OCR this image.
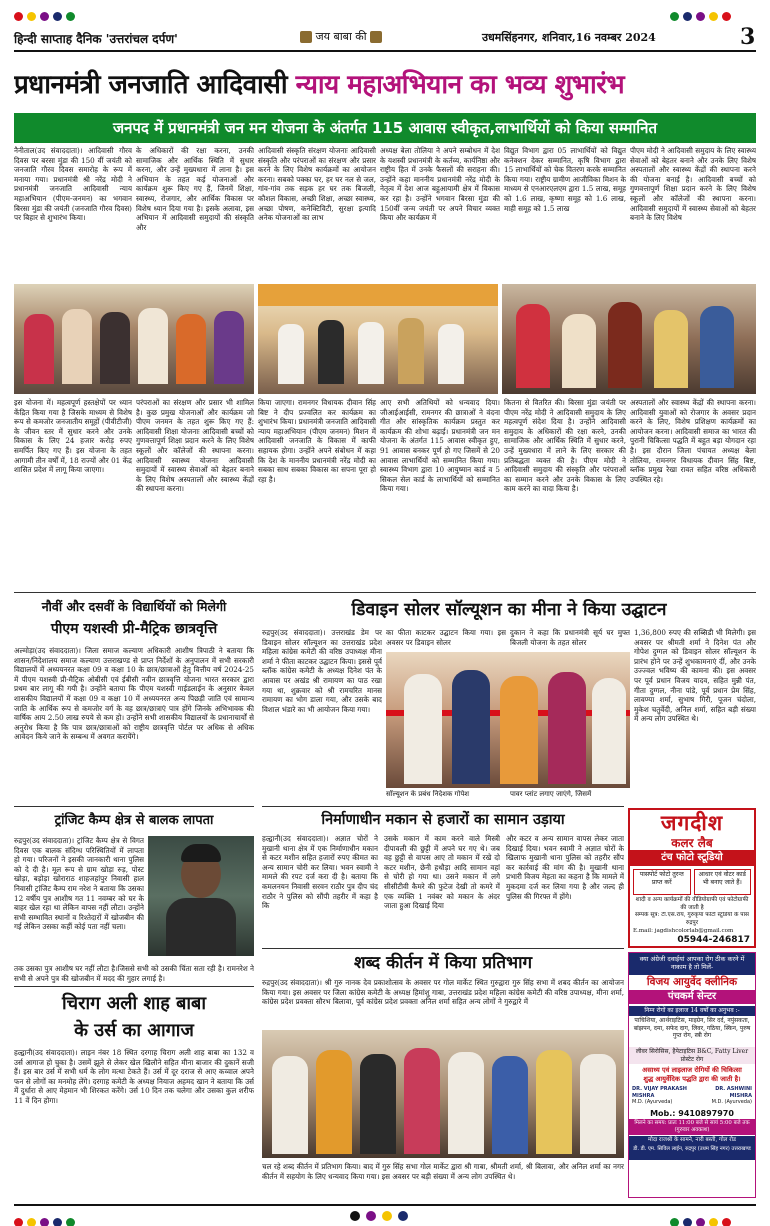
हिन्दी साप्ताह दैनिक 'उत्तरांचल दर्पण'	जय बाबा की	उधमसिंहनगर, शनिवार,16 नवम्बर 2024	3
प्रधानमंत्री जनजाति आदिवासी न्याय महाअभियान का भव्य शुभारंभ
जनपद में प्रधानमंत्री जन मन योजना के अंतर्गत 115 आवास स्वीकृत,लाभार्थियों को किया सम्मानित
नैनीताल(उद संवाददाता)। आदिवासी गौरव दिवस पर बरसा मुंडा की 150 वीं जयंती को जनजाति गौरव दिवस समारोह के रूप में मनाया गया। प्रधानमंत्री श्री नरेंद्र मोदी ने प्रधानमंत्री जनजाति आदिवासी न्याय महाअभियान (पीएम-जनमन) का भगवान बिरसा मुंडा की जयंती (जनजाति गौरव दिवस) पर बिहार से शुभारंभ किया।
के अधिकारों की रक्षा करना, उनकी सामाजिक और आर्थिक स्थिति में सुधार करना, और उन्हें मुख्यधारा में लाना है। इस अभियान के तहत कई योजनाओं और कार्यक्रम शुरू किए गए हैं, जिनमें शिक्षा, स्वास्थ्य, रोजगार, और आर्थिक विकास पर विशेष ध्यान दिया गया है। इसके अलावा, इस अभियान में आदिवासी समुदायों की संस्कृति और
आदिवासी संस्कृति संरक्षण योजनाः आदिवासी संस्कृति और परंपराओं का संरक्षण और प्रसार करने के लिए विशेष कार्यक्रमों का आयोजन करना। सबको पक्का घर, हर घर नल से जल, गांव-गांव तक सड़क हर घर तक बिजली, कौशल विकास, अच्छी शिक्षा, अच्छा स्वास्थ्य, अच्छा पोषण, कनेक्टिविटी, सुरक्षा इत्यादि अनेक योजनाओं का लाभ
अध्यक्ष बेला तोलिया ने अपने सम्बोधन में देश के यशस्वी प्रधानमंत्री के कर्तव्य, कार्यनिष्ठा और राष्ट्रीय हित में उनके फैसलों की सराहना की। उन्होंने कहा माननीय प्रधानमंत्री नरेंद्र मोदी के नेतृत्व में देश आज बहुआयामी क्षेत्र में विकास कर रहा है। उन्होंने भगवान बिरसा मुंडा की 150वीं जन्म जयंती पर अपने विचार व्यक्त किया और कार्यक्रम में
विद्युत विभाग द्वारा 05 लाभार्थियों को विद्युत कनेक्शन देकर सम्मानित, कृषि विभाग द्वारा 15 लाभार्थियों को चेक वितरण करके सम्मानित किया गया। राष्ट्रीय ग्रामीण आजीविका मिशन के माध्यम से एनआरएलएम द्वारा 1.5 लाख, समूह को 1.6 लाख, कृष्णा समूह को 1.6 लाख, माही समूह को 1.5 लाख
पीएम मोदी ने आदिवासी समुदाय के लिए स्वास्थ्य सेवाओं को बेहतर बनाने और उनके लिए विशेष अस्पतालों और स्वास्थ्य केंद्रों की स्थापना करने की योजना बनाई है। आदिवासी बच्चों को गुणवत्तापूर्ण शिक्षा प्रदान करने के लिए विशेष स्कूलों और कॉलेजों की स्थापना करना। आदिवासी समुदायों में स्वास्थ्य सेवाओं को बेहतर बनाने के लिए विशेष
इस योजना में। महत्वपूर्ण हस्तक्षेपों पर ध्यान केंद्रित किया गया है जिसके माध्यम से विशेष रूप से कमजोर जनजातीय समूहों (पीवीटीजी) के जीवन स्तर में सुधार करने और उनके विकास के लिए 24 हजार करोड़ रुपए समर्पित किए गए हैं। इस योजना के तहत आगामी तीन वर्षों में, 18 राज्यों और 01 केंद्र शासित प्रदेश में लागू किया जाएगा।
परंपराओं का संरक्षण और प्रसार भी शामिल है। कुछ प्रमुख योजनाओं और कार्यक्रम जो पीएम जनमन के तहत शुरू किए गए हैं: आदिवासी शिक्षा योजनाः आदिवासी बच्चों को गुणवत्तापूर्ण शिक्षा प्रदान करने के लिए विशेष स्कूलों और कॉलेजों की स्थापना करना। आदिवासी स्वास्थ्य योजनाः आदिवासी समुदायों में स्वास्थ्य सेवाओं को बेहतर बनाने के लिए विशेष अस्पतालों और स्वास्थ्य केंद्रों की स्थापना करना।
किया जाएगा। रामनगर विधायक दीवान सिंह बिष्ट ने दीप प्रज्वलित कर कार्यक्रम का शुभारंभ किया। प्रधानमंत्री जनजाति आदिवासी न्याय महाअभियान (पीएम जनमन) मिशन में आदिवासी जनजाति के विकास में काफी सहायक होगा। उन्होंने अपने संबोधन में कहा कि देश के माननीय प्रधानमंत्री नरेंद्र मोदी का सबका साथ सबका विकास का सपना पूरा हो रहा है।
आए सभी अतिथियों को धन्यवाद दिया। जीआईआईसी, रामनगर की छात्राओं ने वंदना गीत और सांस्कृतिक कार्यक्रम प्रस्तुत कर कार्यक्रम की शोभा बढ़ाई। प्रधानमंत्री जन मन योजना के अंतर्गत 115 आवास स्वीकृत हुए, 91 आवास बनकर पूर्ण हो गए जिसमें से 20 आवास लाभार्थियों को सम्मानित किया गया। स्वास्थ्य विभाग द्वारा 10 आयुष्मान कार्ड व 5 सिकल सेल कार्ड के लाभार्थियों को सम्मानित किया गया।
कितना से वितरित की। बिरसा मुंडा जयंती पर पीएम नरेंद्र मोदी ने आदिवासी समुदाय के लिए महत्वपूर्ण संदेश दिया है। उन्होंने आदिवासी समुदाय के अधिकारों की रक्षा करने, उनकी सामाजिक और आर्थिक स्थिति में सुधार करने, उन्हें मुख्यधारा में लाने के लिए सरकार की प्रतिबद्धता व्यक्त की है। पीएम मोदी ने आदिवासी समुदाय की संस्कृति और परंपराओं का सम्मान करने और उनके विकास के लिए काम करने का वादा किया है।
अस्पतालों और स्वास्थ्य केंद्रों की स्थापना करना। आदिवासी युवाओं को रोजगार के अवसर प्रदान करने के लिए, विशेष प्रशिक्षण कार्यक्रमों का आयोजन करना। आदिवासी समाज का भारत की पुरानी चिकित्सा पद्धति में बहुत बड़ा योगदान रहा है। इस दौरान जिला पंचायत अध्यक्ष बेला तोलिया, रामनगर विधायक दीवान सिंह बिष्ट, ब्लॉक प्रमुख रेखा रावत सहित वरिष्ठ अधिकारी उपस्थित रहे।
नौवीं और दसवीं के विद्यार्थियों को मिलेगी
पीएम यशस्वी प्री-मैट्रिक छात्रवृत्ति
अल्मोड़ा(उद संवाददाता)। जिला समाज कल्याण अधिकारी आशीष त्रिपाठी ने बताया कि शासन/निदेशालय समाज कल्याण उत्तराखण्ड से प्राप्त निर्देशों के अनुपालन में सभी सरकारी विद्यालयों में अध्ययनरत कक्षा 09 व कक्षा 10 के छात्र/छात्राओं हेतु वित्तीय वर्ष 2024-25 में पीएम यशस्वी प्री-मैट्रिक ओबीसी एवं ईबीसी नवीन छात्रवृत्ति योजना भारत सरकार द्वारा प्रथम बार लागू की गयी है। उन्होंने बताया कि पीएम यशस्वी गाईडलाईन के अनुसार केवल शासकीय विद्यालयों में कक्षा 09 व कक्षा 10 में अध्ययनरत अन्य पिछड़ी जाति एवं सामान्य जाति के आर्थिक रूप से कमजोर वर्ग के वह छात्र/छात्राएं पात्र होंगे जिनके अभिभावक की वार्षिक आय 2.50 लाख रुपये से कम हो। उन्होंने सभी शासकीय विद्यालयों के प्रधानाचार्यों से अनुरोध किया है कि पात्र छात्र/छात्राओं को राष्ट्रीय छात्रवृत्ति पोर्टल पर अधिक से अधिक आवेदन किये जाने के सम्बन्ध में अवगत करायेंगे।
ट्रांजिट कैम्प क्षेत्र से बालक लापता
रुद्रपुर(उद संवाददाता)। ट्रांजिट कैम्प क्षेत्र से विगत दिवस एक बालक संदिग्ध परिस्थितियों में लापता हो गया। परिजनों ने इसकी जानकारी थाना पुलिस को दे दी है। मूल रूप से ग्राम खोड़ा रुड़, पोस्ट खोड़ा, बड़ोड़ा खोराराठ शाहजहांपुर निवासी हाल निवासी ट्रांजिट कैम्प राम नरेश ने बताया कि उसका 12 वर्षीय पुत्र आशीष गत 11 नवम्बर को घर के बाहर खेल रहा था लेकिन वापस नहीं लौटा। उन्होंने सभी सम्भावित स्थानों व रिश्तेदारों में खोजबीन की गई लेकिन उसका कहीं कोई पता नहीं चला।
तक उसका पुत्र आशीष घर नहीं लौटा है।जिससे सभी को उसकी चिंता सता रही है। रामनरेश ने सभी से अपने पुत्र की खोजबीन में मदद की गुहार लगाई है।
चिराग अली शाह बाबा
के उर्स का आगाज
हल्द्वानी(उद संवाददाता)। लाइन नंबर 18 स्थित दरगाह चिराग अली शाह बाबा का 132 व उर्स आगाज हो चुका है। उसमें झूले से लेकर खेल खिलौने सहित मीना बाजार की दुकानें सजी हैं। इस बार उर्स में सभी धर्म के लोग मत्था टेकते हैं। उर्स में दूर दराज से आए कव्वाल अपने फन से लोगों का मनमोह लेंगे। दरगाह कमेटी के अध्यक्ष नियाज अहमद खान ने बताया कि उर्स में दुर्धारा से आए मेहमान भी शिरकत करेंगे। उर्स 10 दिन तक चलेगा और उसका कुल शरीफ 11 वें दिन होगा।
डिवाइन सोलर सॉल्यूशन का मीना ने किया उद्घाटन
रुद्रपुर(उद संवाददाता)। उत्तराखंड डेम पर डिवाइन सोलर सॉल्यूशन का उत्तराखंड प्रदेश महिला कांग्रेस कमेटी की वरिष्ठ उपाध्यक्ष मीना शर्मा ने फीता काटकर उद्घाटन किया। इससे पूर्व ब्लॉक कांग्रेस कमेटी के अध्यक्ष दिनेश पंत के आवास पर अखंड श्री रामायण का पाठ रखा गया था, शुक्रवार को श्री रामचरित मानस रामायण का भोग डाला गया, और उसके बाद विशाल भंडारे का भी आयोजन किया गया।
का फीता काटकर उद्घाटन किया गया। इस अवसर पर डिवाइन सोलर
दुकान ने कहा कि प्रधानमंत्री सूर्य घर मुफ्त बिजली योजना के तहत सोलर
सॉल्यूशन के प्रबंध निदेशक गोपेश	पावर प्लांट लगाए जाएंगे, जिसमें
1,36,800 रुपए की सब्सिडी भी मिलेगी। इस अवसर पर श्रीमती शर्मा ने दिनेश पंत और गोपेश दुग्गल को डिवाइन सोलर सॉल्यूशन के प्रारंभ होने पर उन्हें शुभकामनाएं दीं, और उनके उज्ज्वल भविष्य की कामना की। इस अवसर पर पूर्व प्रधान विजय यादव, सहित मुन्नी पंत, गीता दुग्गल, नीना पांडे, पूर्व प्रधान प्रेम सिंह, लावण्या शर्मा, सुभाष गिरी, पूजन चंदोला, मुकेश चतुर्वेदी, अनिल शर्मा, सहित बड़ी संख्या में अन्य लोग उपस्थित थे।
निर्माणाधीन मकान से हजारों का सामान उड़ाया
हल्द्वानी(उद संवाददाता)। अज्ञात चोरों ने मुखानी थाना क्षेत्र में एक निर्माणाधीन मकान से कटर मशीन सहित हजारों रुपए कीमत का अन्य सामान चोरी कर लिया। भवन स्वामी ने मामले की रपट दर्ज करा दी है। बताया कि कमलनयन निवासी सरवन राठौर पुत्र दीप चंद राठौर ने पुलिस को सौंपी तहरीर में कहा है कि
उसके मकान में काम करने वाले मिस्त्री दीपावली की छुट्टी में अपने घर गए थे। जब वह छुट्टी से वापस आए तो मकान में रखे दो कटर मशीन, छेनी हथौड़ा आदि सामान वहां से चोरी हो गया था। उसने मकान में लगे सीसीटीवी कैमरे की फुटेज देखी तो कमरे में एक व्यक्ति 1 नवंबर को मकान के अंदर जाता हुआ दिखाई दिया
और कटर व अन्य सामान वापस लेकर जाता दिखाई दिया। भवन स्वामी ने अज्ञात चोरों के खिलाफ मुखानी थाना पुलिस को तहरीर सौंप कर कार्रवाई की मांग की है। मुखानी थाना प्रभारी विजय मेहता का कहना है कि मामले में मुकदमा दर्ज कर लिया गया है और जल्द ही पुलिस की गिरफ्त में होंगे।
शब्द कीर्तन में किया प्रतिभाग
रुद्रपुर(उद संवाददाता)। श्री गुरु नानक देव प्रकाशोत्सव के अवसर पर गोल मार्केट स्थित गुरुद्वारा गुरु सिंह सभा में शबद कीर्तन का आयोजन किया गया। इस अवसर पर जिला कांग्रेस कमेटी के अध्यक्ष हिमांशु गाबा, उत्तराखंड प्रदेश महिला कांग्रेस कमेटी की वरिष्ठ उपाध्यक्ष, मीना शर्मा, कांग्रेस प्रदेश प्रवक्ता सौरभ बिलावा, पूर्व कांग्रेस प्रदेश प्रवक्ता अनिल शर्मा सहित अन्य लोगों ने गुरुद्वारे में
चल रहे शब्द कीर्तन में प्रतिभाग किया। बाद में गुरु सिंह सभा गोल मार्केट द्वारा श्री गाबा, श्रीमती शर्मा, श्री बिलावा, और अनिल शर्मा का नगर कीर्तन में सहयोग के लिए धन्यवाद किया गया। इस अवसर पर बड़ी संख्या में अन्य लोग उपस्थित थे।
जगदीश
कलर लैब
टंच फोटो स्टूडियो
पासपोर्ट फोटो तुरन्त प्राप्त करें
आधार एवं वोटर कार्ड भी बनाए जाते हैं।
शादी व अन्य कार्यक्रमों की वीडियोग्राफी एवं फोटोग्राफी की जाती है
सम्पर्क सूत्र: टी.एस.रॉय, गुरुकृपा फोटो स्टूडियो के पास रुद्रपुर
E.mail: jagdishcolorlab@gmail.com
05944-246817
क्या अंग्रेजी दवाईयां आपका रोग ठीक करने में नाकाम है तो मिलें-
विजय आयुर्वेद क्लीनिक
पंचकर्म सेन्टर
निम्न रोगों का इलाज 14 वर्षों का अनुभव :-
पाचिशिया, आर्थराइटिस, माइग्रेन, सिर दर्द, नपुंसकता, बांझपन, दमा, सफेद दाग, लिवर, गठिया, स्किन, पुरुष गुप्त रोग, स्त्री रोग
लीवर सिरोसिस, हैपेटाइटिस B&C, Fatty Liver प्रोस्टेट रोग
असाध्य एवं लाइलाज रोगियों की चिकित्सा
शुद्ध आयुर्वेदिक पद्धति द्वारा की जाती है।
DR. VIJAY PRAKASH MISHRA
M.D. (Ayurveda)
DR. ASHWINI MISHRA
M.D. (Ayurveda)
Mob.: 9410897970
मिलने का समय: प्रातः 11:00 बजे से सायं 5:00 बजे तक (गुरुवार अवकाश)
मोदा राजश्री के सामने, नारी बस्ती, गोल रोड
डी. डी. एम. सिविल लाईन, रुद्रपुर (उधम सिंह नगर) उत्तराखण्ड
